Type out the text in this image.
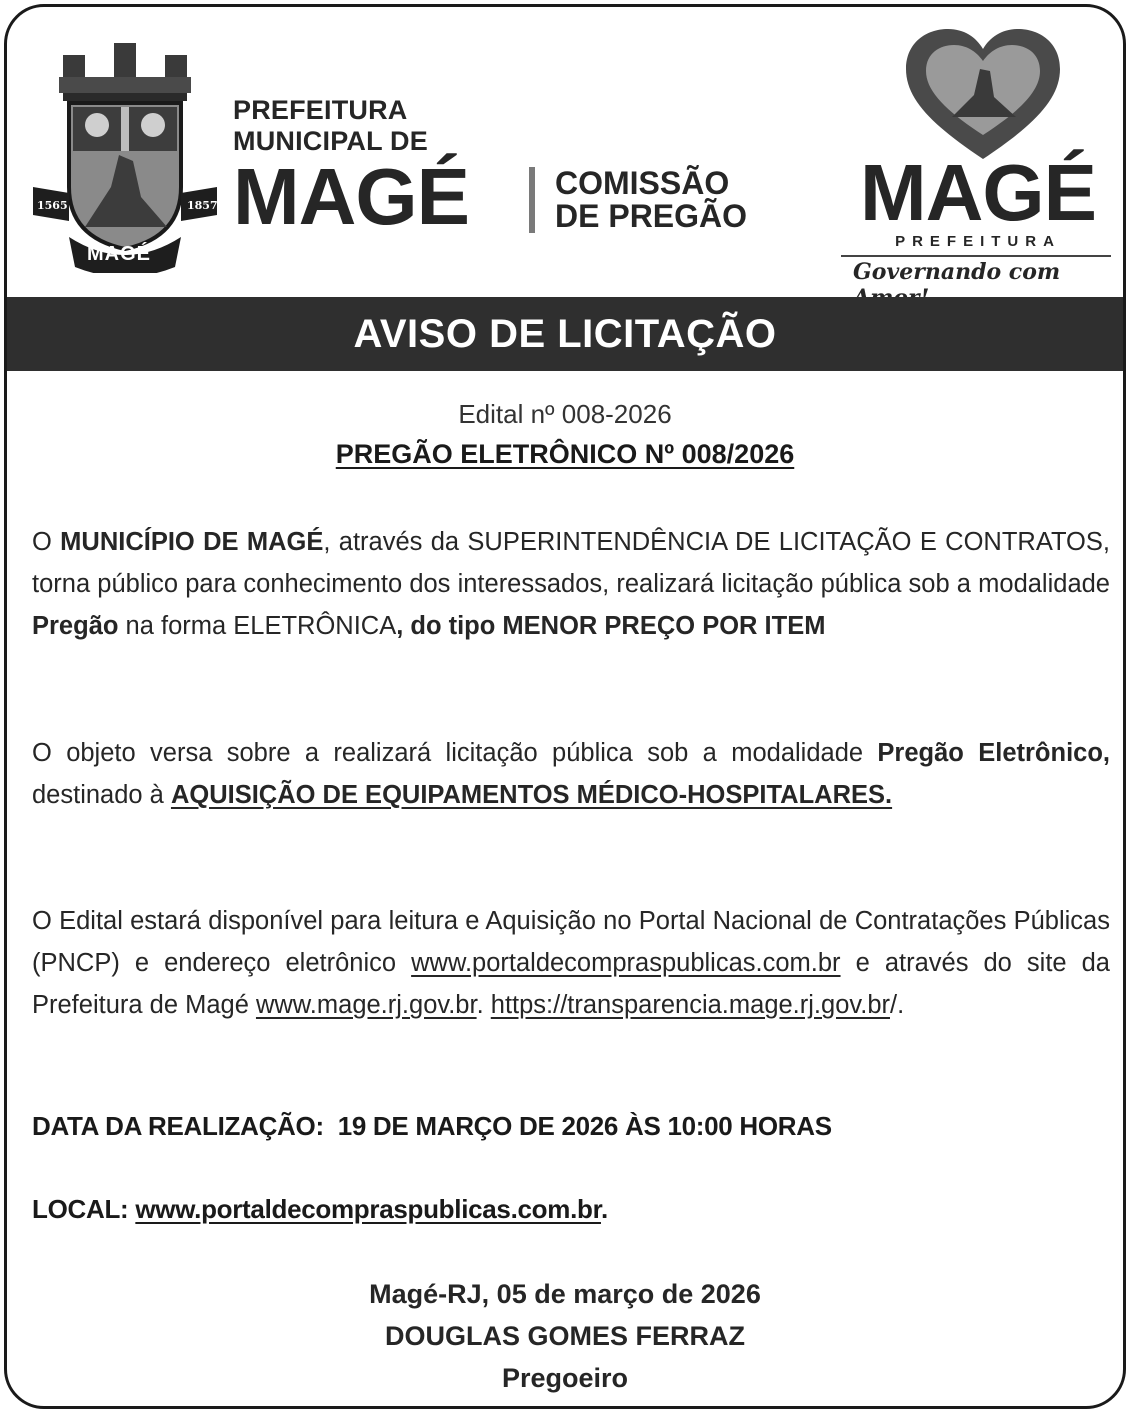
1565	1857
MAGÉ
PREFEITURA
MUNICIPAL DE
MAGÉ	COMISSÃO
DE PREGÃO MAGÉ
PREFEITURA
Governando com
AVISO DE LICITAÇÃO
Edital nº 008-2026
PREGÃO ELETRÔNICO Nº 008/2026
O MUNICÍPIO DE MAGÉ, através da SUPERINTENDÊNCIA DE LICITAÇÃO E CONTRATOS, torna público para conhecimento dos interessados, realizará licitação pública sob a modalidade Pregão na forma ELETRÔNICA, do tipo MENOR PREÇO POR ITEM
O objeto versa sobre a realizará licitação pública sob a modalidade Pregão Eletrônico, destinado à AQUISIÇÃO DE EQUIPAMENTOS MÉDICO-HOSPITALARES.
O Edital estará disponível para leitura e Aquisição no Portal Nacional de Contratações Públicas (PNCP) e endereço eletrônico www.portaldecompraspublicas.com.br e através do site da Prefeitura de Magé www.mage.rj.gov.br. https://transparencia.mage.rj.gov.br/.
DATA DA REALIZAÇÃO: 19 DE MARÇO DE 2026 ÀS 10:00 HORAS
LOCAL: www.portaldecompraspublicas.com.br.
Magé-RJ, 05 de março de 2026
DOUGLAS GOMES FERRAZ
Pregoeiro
